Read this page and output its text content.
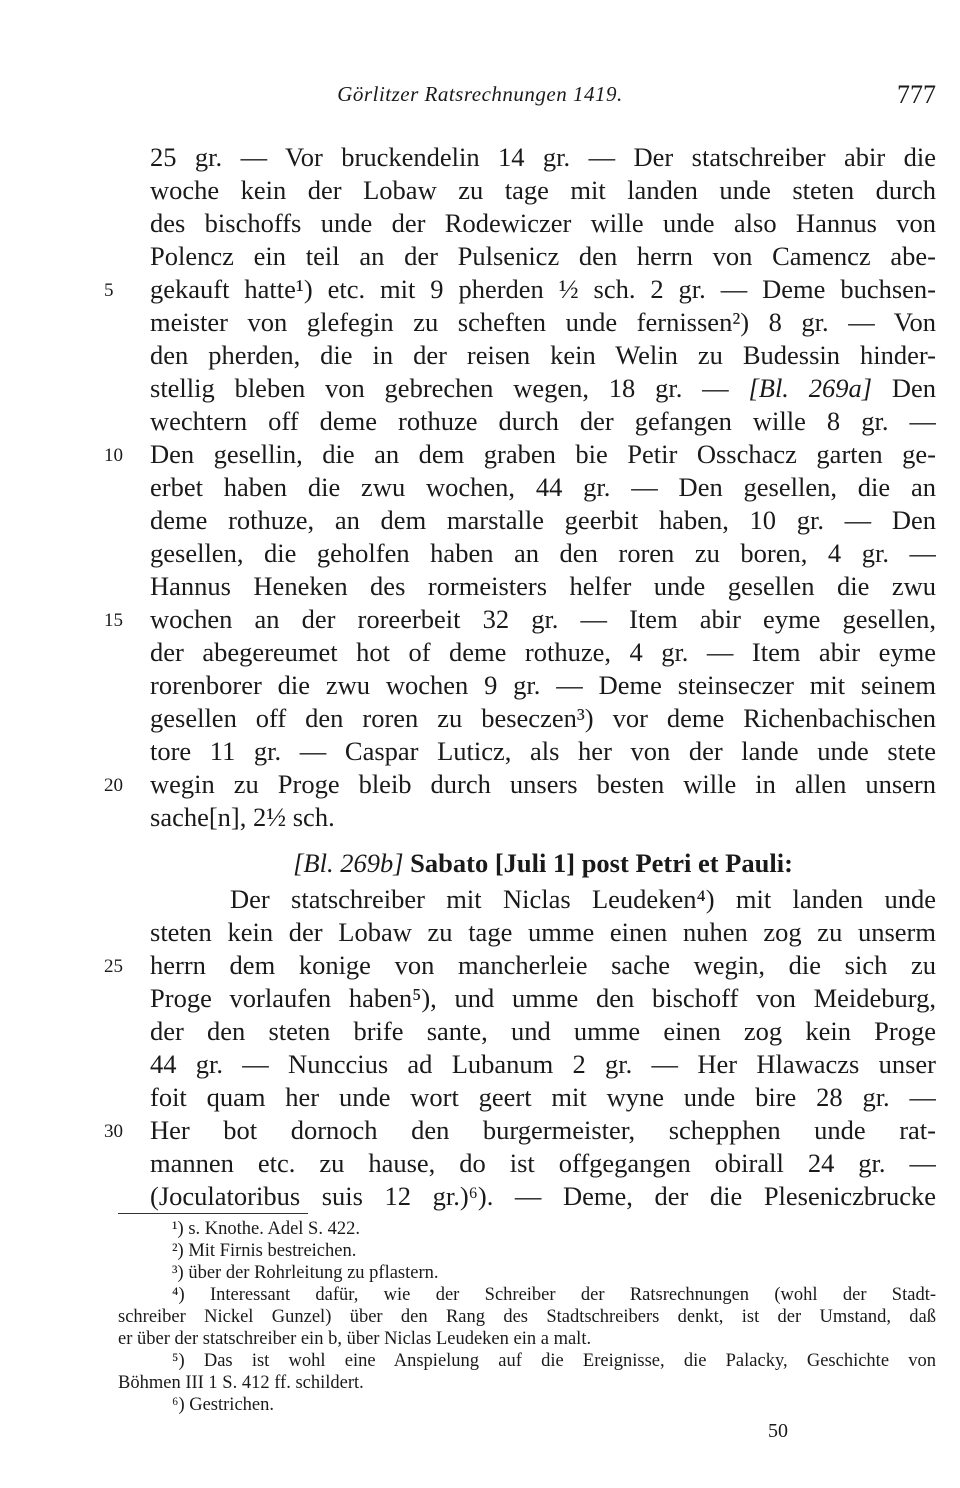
Görlitzer Ratsrechnungen 1419.	777
25 gr. — Vor bruckendelin 14 gr. — Der statschreiber abir die
woche kein der Lobaw zu tage mit landen unde steten durch
des bischoffs unde der Rodewiczer wille unde also Hannus von
Polencz ein teil an der Pulsenicz den herrn von Camencz abe-
5	gekauft hatte¹) etc. mit 9 pherden ½ sch. 2 gr. — Deme buchsen-
meister von glefegin zu scheften unde fernissen²) 8 gr. — Von
den pherden, die in der reisen kein Welin zu Budessin hinder-
stellig bleben von gebrechen wegen, 18 gr. — [Bl. 269a] Den
wechtern off deme rothuze durch der gefangen wille 8 gr. —
10	Den gesellin, die an dem graben bie Petir Osschacz garten ge-
erbet haben die zwu wochen, 44 gr. — Den gesellen, die an
deme rothuze, an dem marstalle geerbit haben, 10 gr. — Den
gesellen, die geholfen haben an den roren zu boren, 4 gr. —
Hannus Heneken des rormeisters helfer unde gesellen die zwu
15	wochen an der roreerbeit 32 gr. — Item abir eyme gesellen,
der abegereumet hot of deme rothuze, 4 gr. — Item abir eyme
rorenborer die zwu wochen 9 gr. — Deme steinseczer mit seinem
gesellen off den roren zu beseczen³) vor deme Richenbachischen
tore 11 gr. — Caspar Luticz, als her von der lande unde stete
20	wegin zu Proge bleib durch unsers besten wille in allen unsern
sache[n], 2½ sch.
[Bl. 269b] Sabato [Juli 1] post Petri et Pauli:
Der statschreiber mit Niclas Leudeken⁴) mit landen unde
steten kein der Lobaw zu tage umme einen nuhen zog zu unserm
25	herrn dem konige von mancherleie sache wegin, die sich zu
Proge vorlaufen haben⁵), und umme den bischoff von Meideburg,
der den steten brife sante, und umme einen zog kein Proge
44 gr. — Nunccius ad Lubanum 2 gr. — Her Hlawaczs unser
foit quam her unde wort geert mit wyne unde bire 28 gr. —
30	Her bot dornoch den burgermeister, schepphen unde rat-
mannen etc. zu hause, do ist offgegangen obirall 24 gr. —
(Joculatoribus suis 12 gr.)⁶). — Deme, der die Pleseniczbrucke
¹) s. Knothe. Adel S. 422.
²) Mit Firnis bestreichen.
³) über der Rohrleitung zu pflastern.
⁴) Interessant dafür, wie der Schreiber der Ratsrechnungen (wohl der Stadt-
schreiber Nickel Gunzel) über den Rang des Stadtschreibers denkt, ist der Umstand, daß
er über der statschreiber ein b, über Niclas Leudeken ein a malt.
⁵) Das ist wohl eine Anspielung auf die Ereignisse, die Palacky, Geschichte von
Böhmen III 1 S. 412 ff. schildert.
⁶) Gestrichen.
50
